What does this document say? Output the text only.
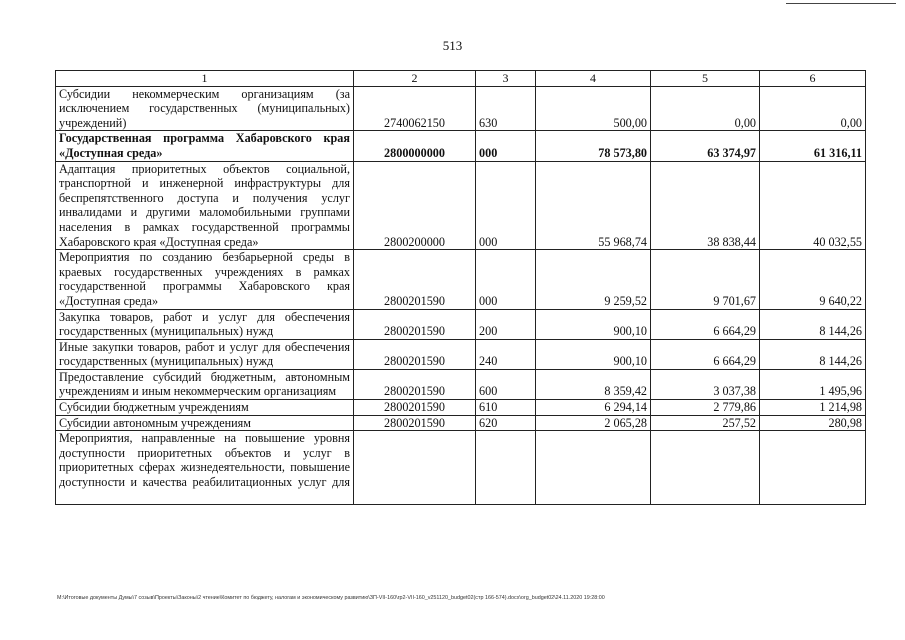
513
1	2	3	4	5	6
Субсидии некоммерческим организациям (за исключением государственных (муниципальных) учреждений)	2740062150	630	500,00	0,00	0,00
Государственная программа Хабаровского края «Доступная среда»	2800000000	000	78 573,80	63 374,97	61 316,11
Адаптация приоритетных объектов социальной, транспортной и инженерной инфраструктуры для беспрепятственного доступа и получения услуг инвалидами и другими маломобильными группами населения в рамках государственной программы Хабаровского края «Доступная среда»	2800200000	000	55 968,74	38 838,44	40 032,55
Мероприятия по созданию безбарьерной среды в краевых государственных учреждениях в рамках государственной программы Хабаровского края «Доступная среда»	2800201590	000	9 259,52	9 701,67	9 640,22
Закупка товаров, работ и услуг для обеспечения государственных (муниципальных) нужд	2800201590	200	900,10	6 664,29	8 144,26
Иные закупки товаров, работ и услуг для обеспечения государственных (муниципальных) нужд	2800201590	240	900,10	6 664,29	8 144,26
Предоставление субсидий бюджетным, автономным учреждениям и иным некоммерческим организациям	2800201590	600	8 359,42	3 037,38	1 495,96
Субсидии бюджетным учреждениям	2800201590	610	6 294,14	2 779,86	1 214,98
Субсидии автономным учреждениям	2800201590	620	2 065,28	257,52	280,98
Мероприятия, направленные на повышение уровня доступности приоритетных объектов и услуг в приоритетных сферах жизнедеятельности, повышение доступности и качества реабилитационных услуг для					
M:\Итоговые документы Думы\7 созыв\Проекты\Законы\2 чтение\Комитет по бюджету, налогам и экономическому развитию\ЗП-VII-160\гр2-VII-160_v251120_budget02(стр 166-574).docx\org_budget02\24.11.2020 19:28:00
